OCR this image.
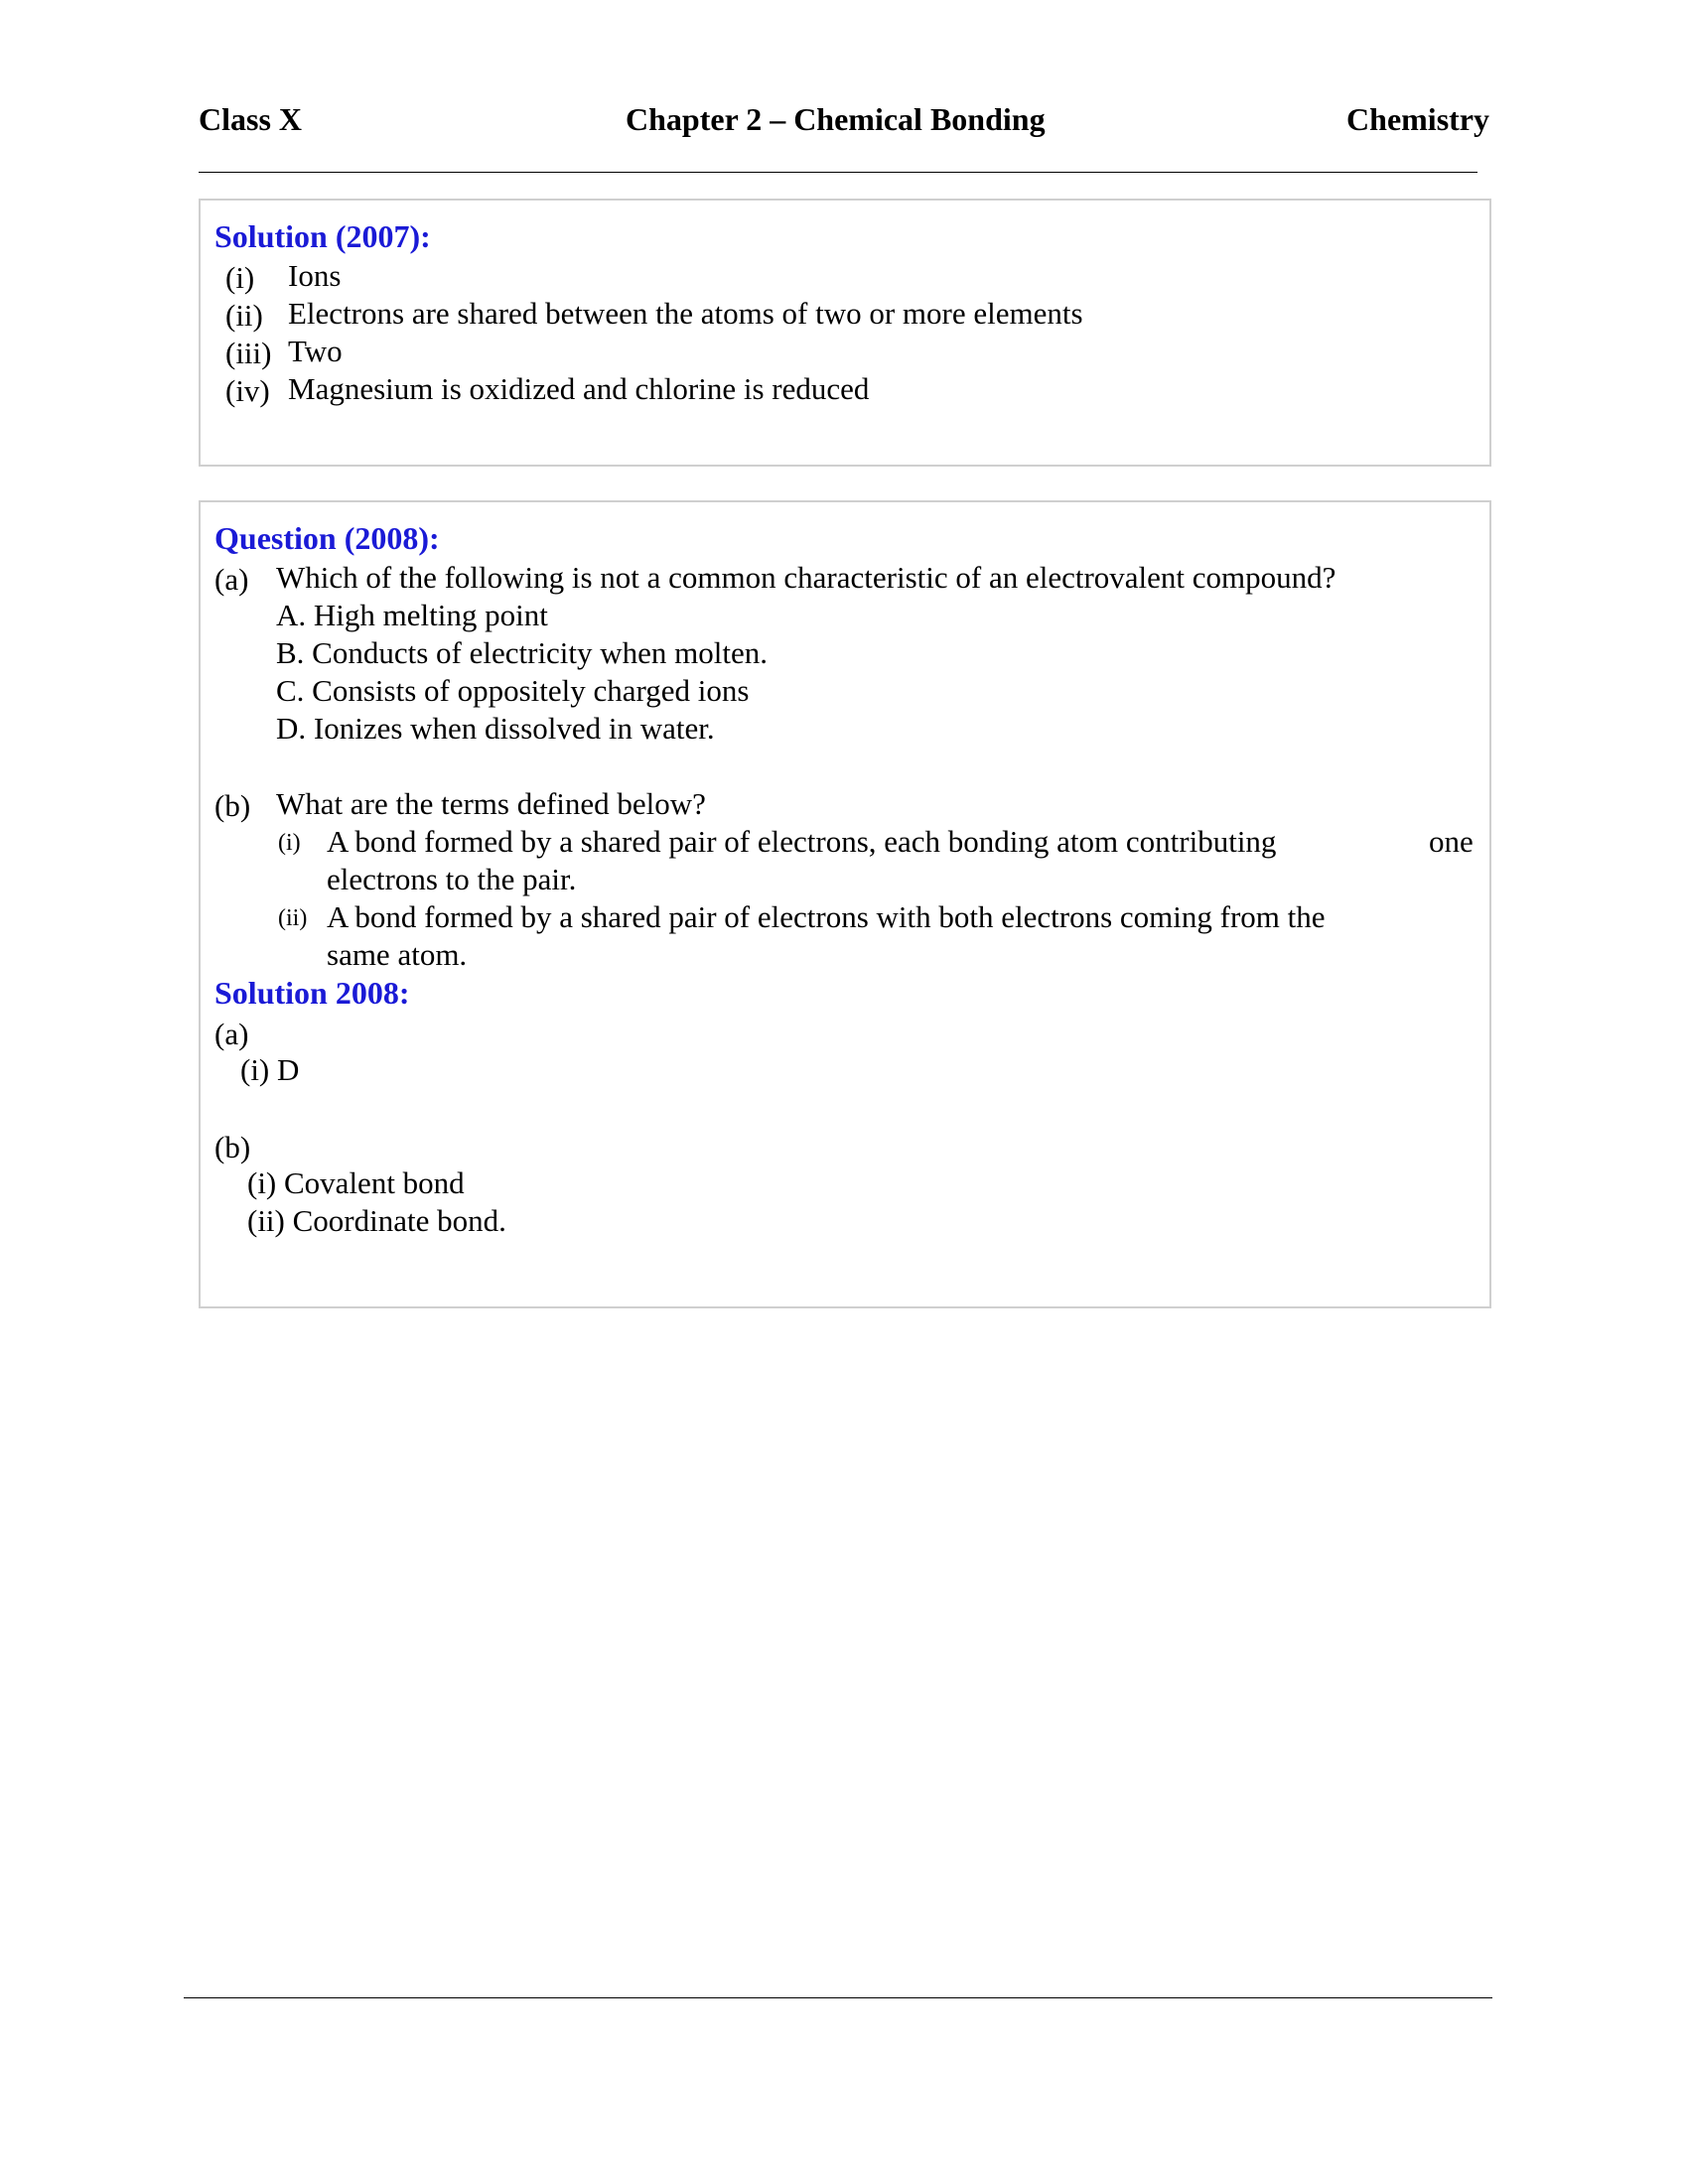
Class X	Chapter 2 – Chemical Bonding	Chemistry
Solution (2007):
(i) Ions
(ii) Electrons are shared between the atoms of two or more elements
(iii) Two
(iv) Magnesium is oxidized and chlorine is reduced
Question (2008):
(a) Which of the following is not a common characteristic of an electrovalent compound?
A. High melting point
B. Conducts of electricity when molten.
C. Consists of oppositely charged ions
D. Ionizes when dissolved in water.
(b) What are the terms defined below?
(i) A bond formed by a shared pair of electrons, each bonding atom contributing	one
electrons to the pair.
(ii) A bond formed by a shared pair of electrons with both electrons coming from the
same atom.
Solution 2008:
(a)
(i) D
(b)
(i) Covalent bond
(ii) Coordinate bond.
